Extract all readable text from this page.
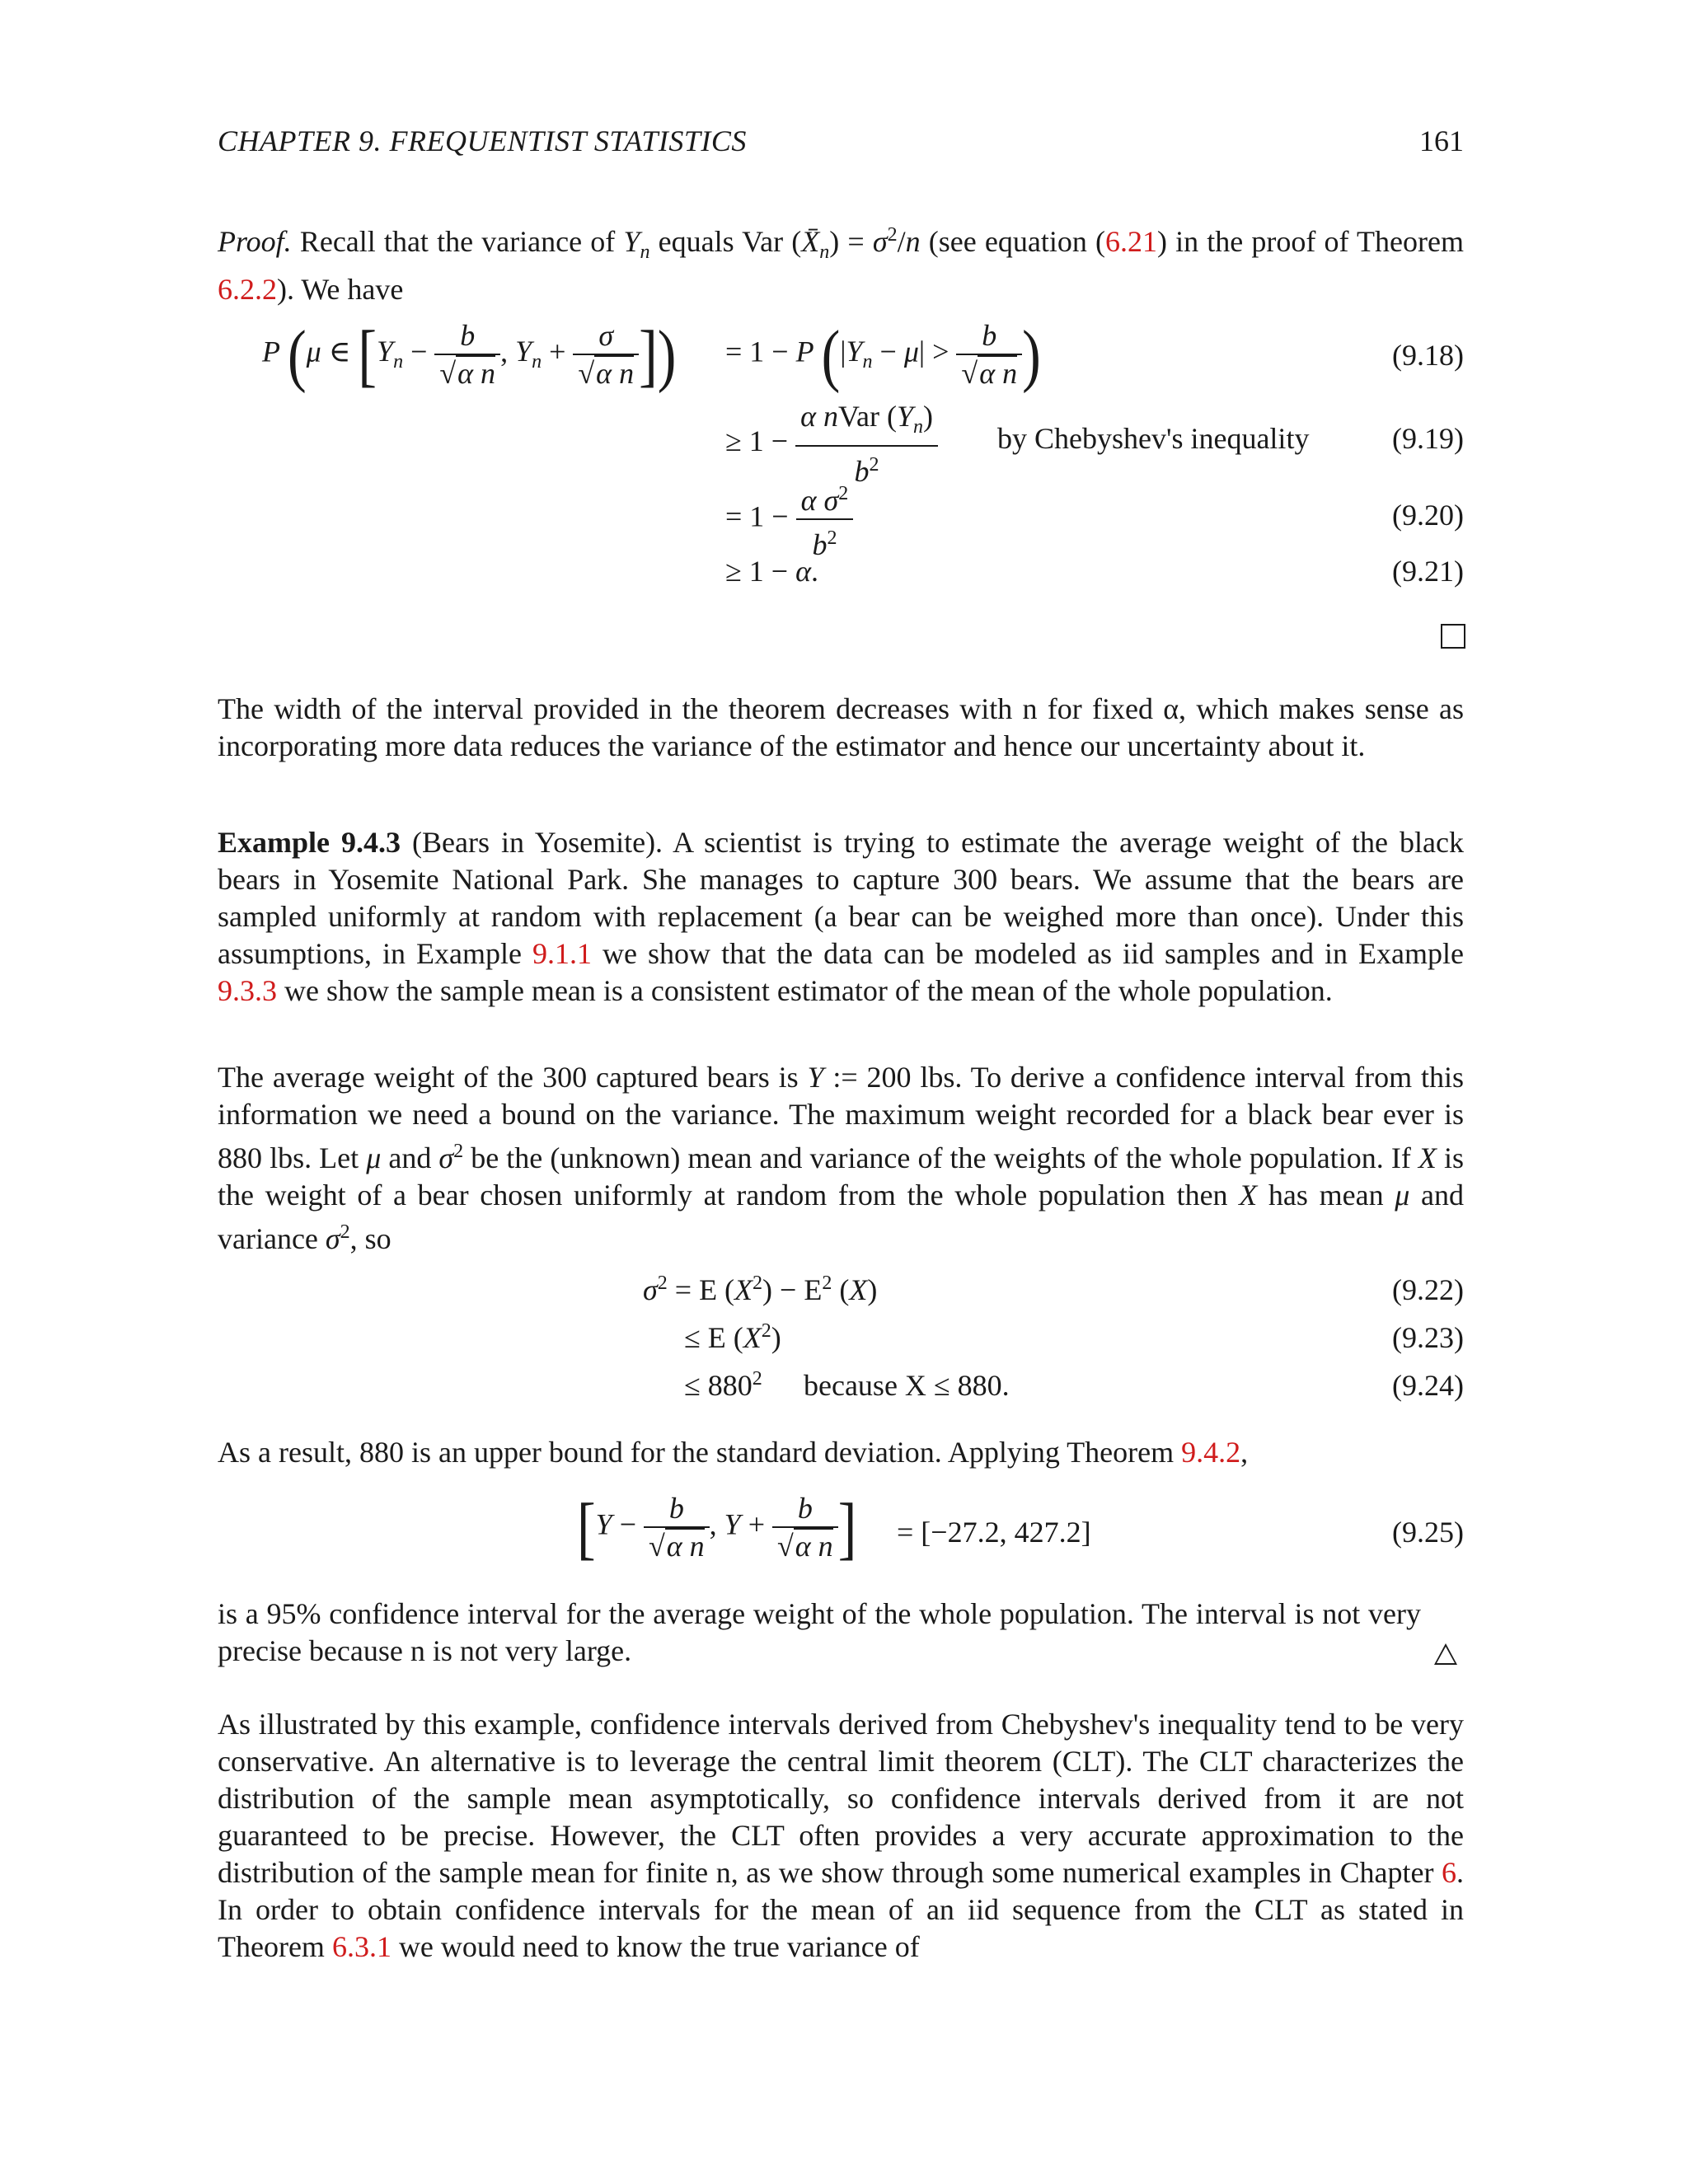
CHAPTER 9. FREQUENTIST STATISTICS	161
Proof. Recall that the variance of $Y_n$ equals Var $(X̄_n) = \sigma^2/n$ (see equation (6.21) in the proof of Theorem 6.2.2). We have
P (μ ∈ [$Y_n - \frac{b}{\text{√α n}}$ , $Y_n + \frac{\sigma}{\text{√α n}}$ ]) = 1 − P ($|Y_n - \mu| > \frac{b}{\text{√α n}}$ )	(9.18)
≥ $1 - \frac{\alpha nVar (Y_n)}{b^2}$ by Chebyshev's inequality	(9.19)
= $1 - \frac{\alpha \sigma^2}{b^2}$	(9.20)
≥ 1 − α.	(9.21)
The width of the interval provided in the theorem decreases with n for fixed α, which makes sense as incorporating more data reduces the variance of the estimator and hence our uncertainty about it.
Example 9.4.3 (Bears in Yosemite). A scientist is trying to estimate the average weight of the black bears in Yosemite National Park. She manages to capture 300 bears. We assume that the bears are sampled uniformly at random with replacement (a bear can be weighed more than once). Under this assumptions, in Example 9.1.1 we show that the data can be modeled as iid samples and in Example 9.3.3 we show the sample mean is a consistent estimator of the mean of the whole population.
The average weight of the 300 captured bears is Y := 200 lbs. To derive a confidence interval from this information we need a bound on the variance. The maximum weight recorded for a black bear ever is 880 lbs. Let μ and $\sigma^2$ be the (unknown) mean and variance of the weights of the whole population. If X is the weight of a bear chosen uniformly at random from the whole population then X has mean μ and variance $\sigma^2$, so
$\sigma^2 = E$ $(X^2) - E^2$ (X)	(9.22)
≤ E $(X^2)$	(9.23)
≤ $880^2$ because X ≤ 880.	(9.24)
As a result, 880 is an upper bound for the standard deviation. Applying Theorem 9.4.2,
[$Y - \frac{b}{\text{√α n}}$ , $Y + \frac{b}{\text{√α n}}$ ] = [−27.2, 427.2]	(9.25)
is a 95% confidence interval for the average weight of the whole population. The interval is not very precise because n is not very large.
As illustrated by this example, confidence intervals derived from Chebyshev's inequality tend to be very conservative. An alternative is to leverage the central limit theorem (CLT). The CLT characterizes the distribution of the sample mean asymptotically, so confidence intervals derived from it are not guaranteed to be precise. However, the CLT often provides a very accurate approximation to the distribution of the sample mean for finite n, as we show through some numerical examples in Chapter 6. In order to obtain confidence intervals for the mean of an iid sequence from the CLT as stated in Theorem 6.3.1 we would need to know the true variance of
